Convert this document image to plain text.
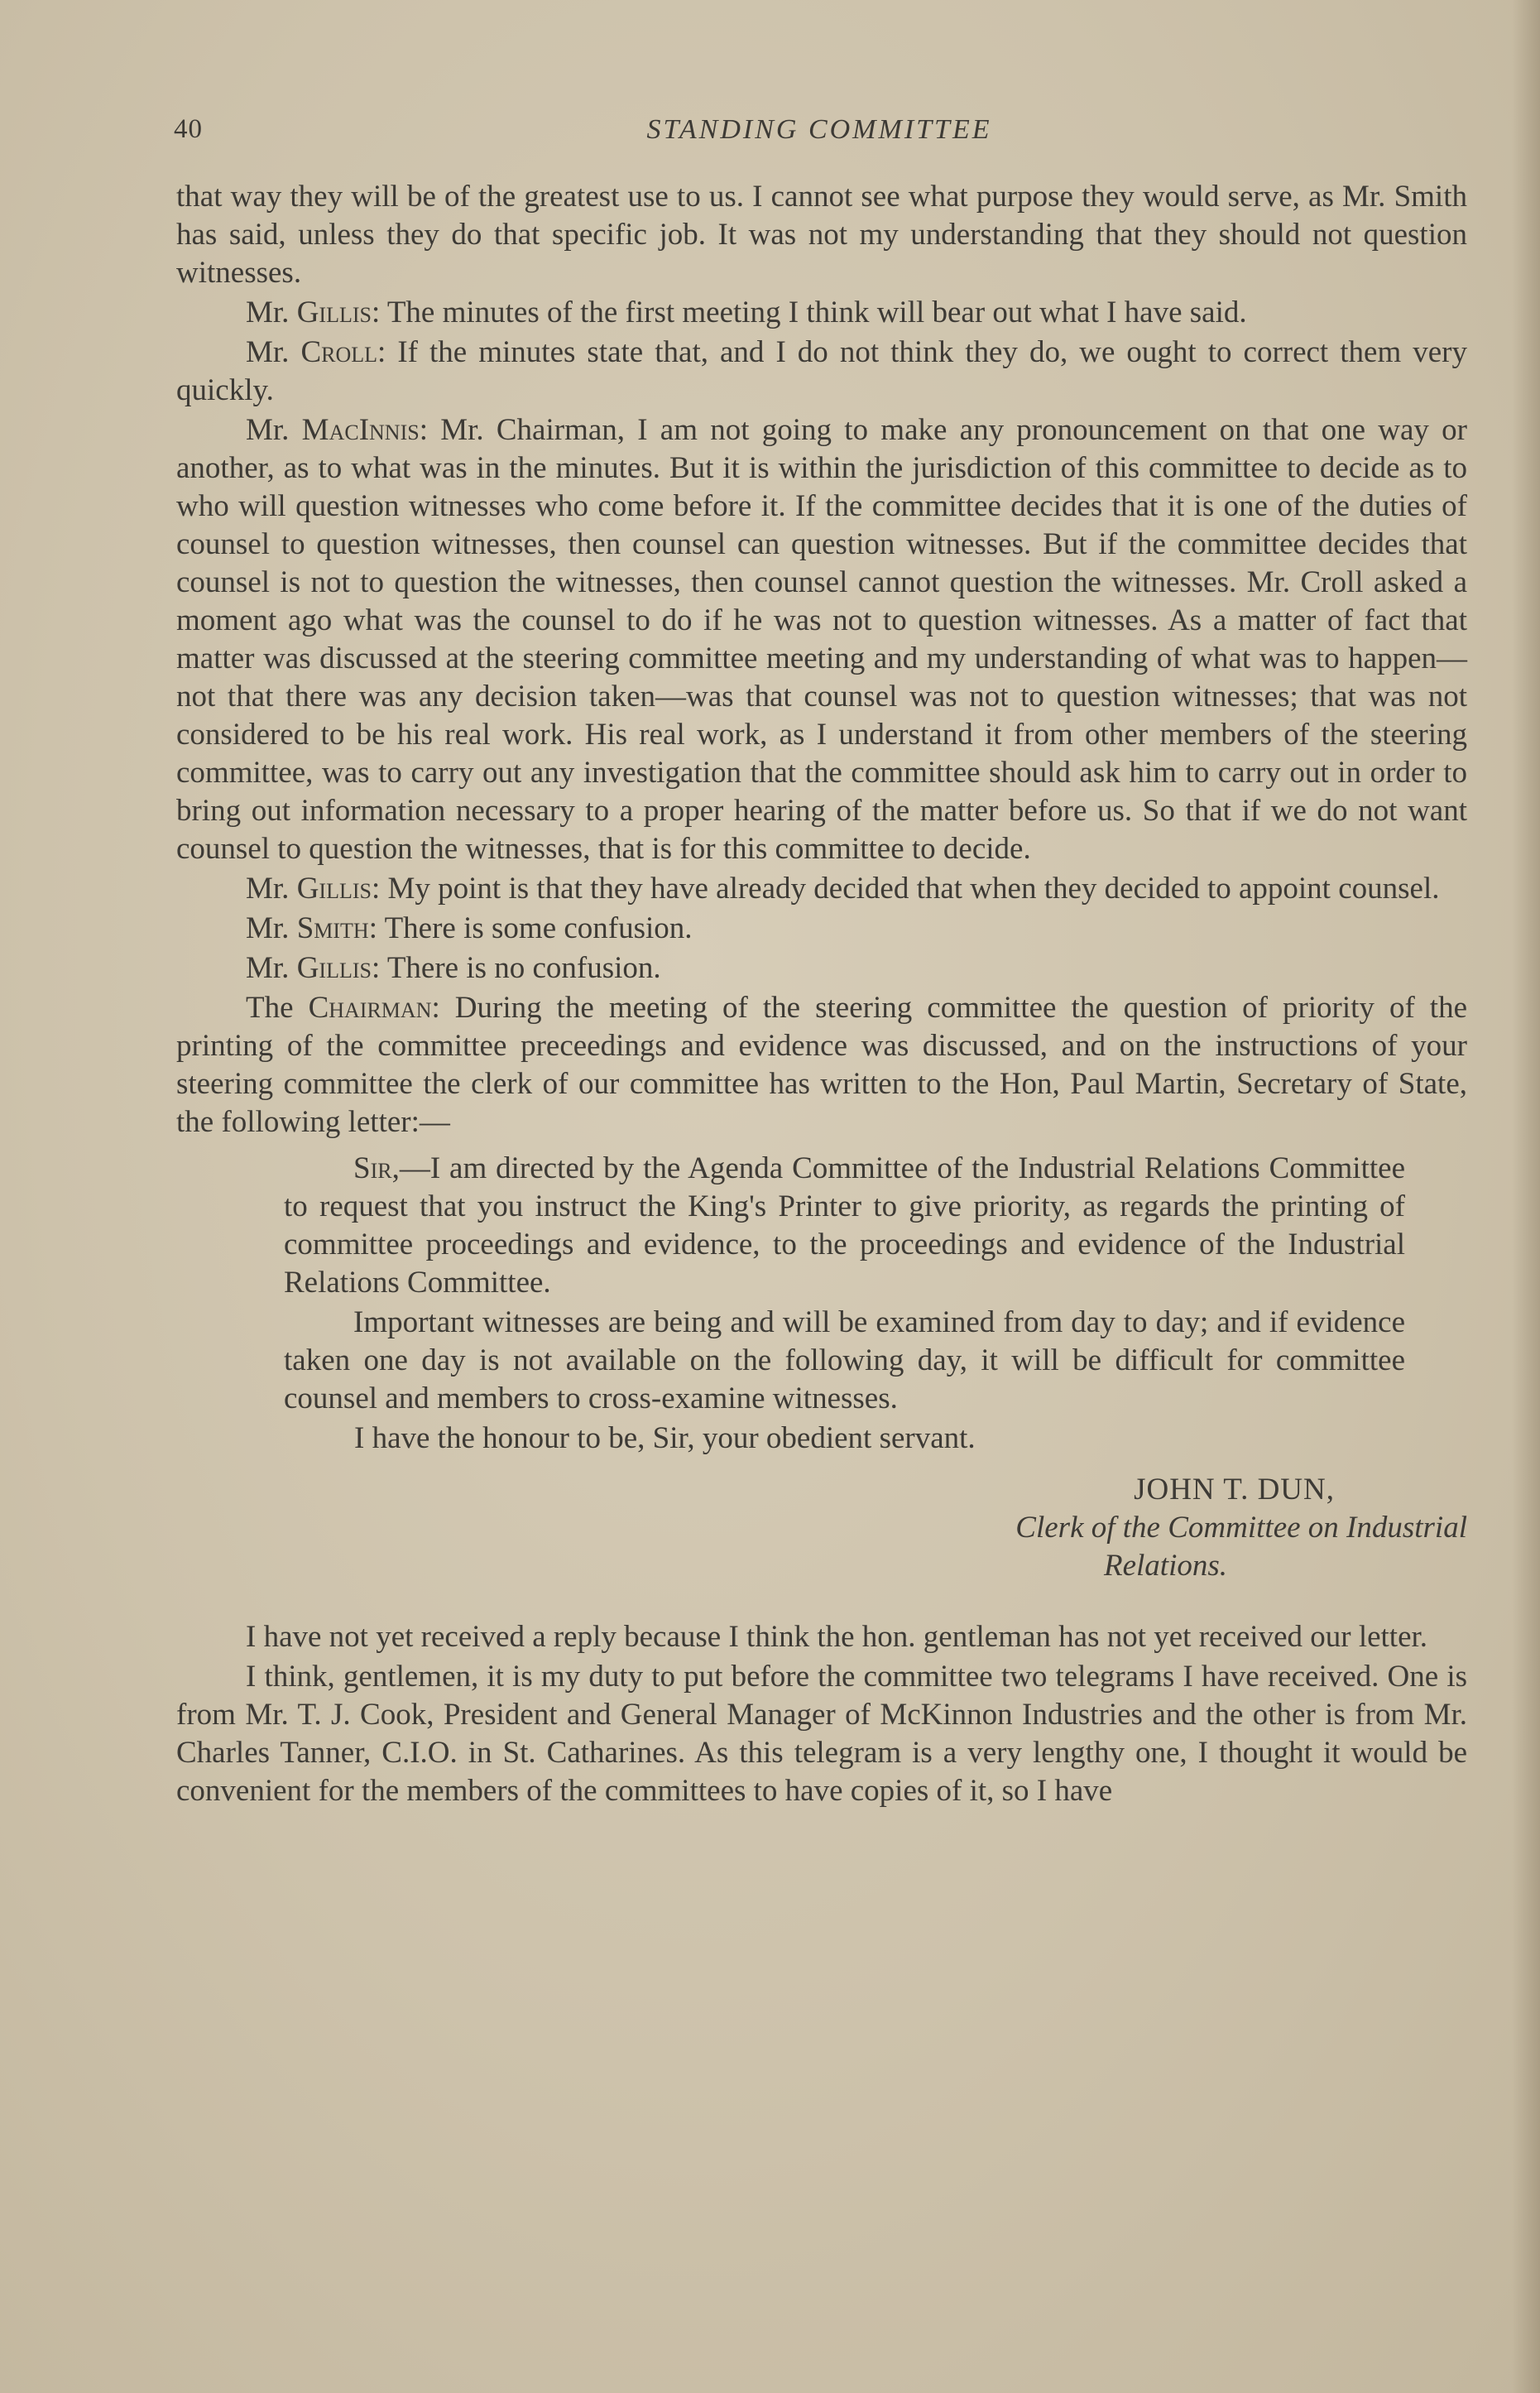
STANDING COMMITTEE
40

that way they will be of the greatest use to us. I cannot see what purpose they would serve, as Mr. Smith has said, unless they do that specific job. It was not my understanding that they should not question witnesses.

Mr. Gillis: The minutes of the first meeting I think will bear out what I have said.

Mr. Croll: If the minutes state that, and I do not think they do, we ought to correct them very quickly.

Mr. MacInnis: Mr. Chairman, I am not going to make any pronouncement on that one way or another, as to what was in the minutes. But it is within the jurisdiction of this committee to decide as to who will question witnesses who come before it. If the committee decides that it is one of the duties of counsel to question witnesses, then counsel can question witnesses. But if the committee decides that counsel is not to question the witnesses, then counsel cannot question the witnesses. Mr. Croll asked a moment ago what was the counsel to do if he was not to question witnesses. As a matter of fact that matter was discussed at the steering committee meeting and my understanding of what was to happen—not that there was any decision taken—was that counsel was not to question witnesses; that was not considered to be his real work. His real work, as I understand it from other members of the steering committee, was to carry out any investigation that the committee should ask him to carry out in order to bring out information necessary to a proper hearing of the matter before us. So that if we do not want counsel to question the witnesses, that is for this committee to decide.

Mr. Gillis: My point is that they have already decided that when they decided to appoint counsel.

Mr. Smith: There is some confusion.

Mr. Gillis: There is no confusion.

The Chairman: During the meeting of the steering committee the question of priority of the printing of the committee preceedings and evidence was discussed, and on the instructions of your steering committee the clerk of our committee has written to the Hon, Paul Martin, Secretary of State, the following letter:—

Sir,—I am directed by the Agenda Committee of the Industrial Relations Committee to request that you instruct the King's Printer to give priority, as regards the printing of committee proceedings and evidence, to the proceedings and evidence of the Industrial Relations Committee.

Important witnesses are being and will be examined from day to day; and if evidence taken one day is not available on the following day, it will be difficult for committee counsel and members to cross-examine witnesses.

I have the honour to be, Sir, your obedient servant.

JOHN T. DUN,
Clerk of the Committee on Industrial
Relations.

I have not yet received a reply because I think the hon. gentleman has not yet received our letter.

I think, gentlemen, it is my duty to put before the committee two telegrams I have received. One is from Mr. T. J. Cook, President and General Manager of McKinnon Industries and the other is from Mr. Charles Tanner, C.I.O. in St. Catharines. As this telegram is a very lengthy one, I thought it would be convenient for the members of the committees to have copies of it, so I have
